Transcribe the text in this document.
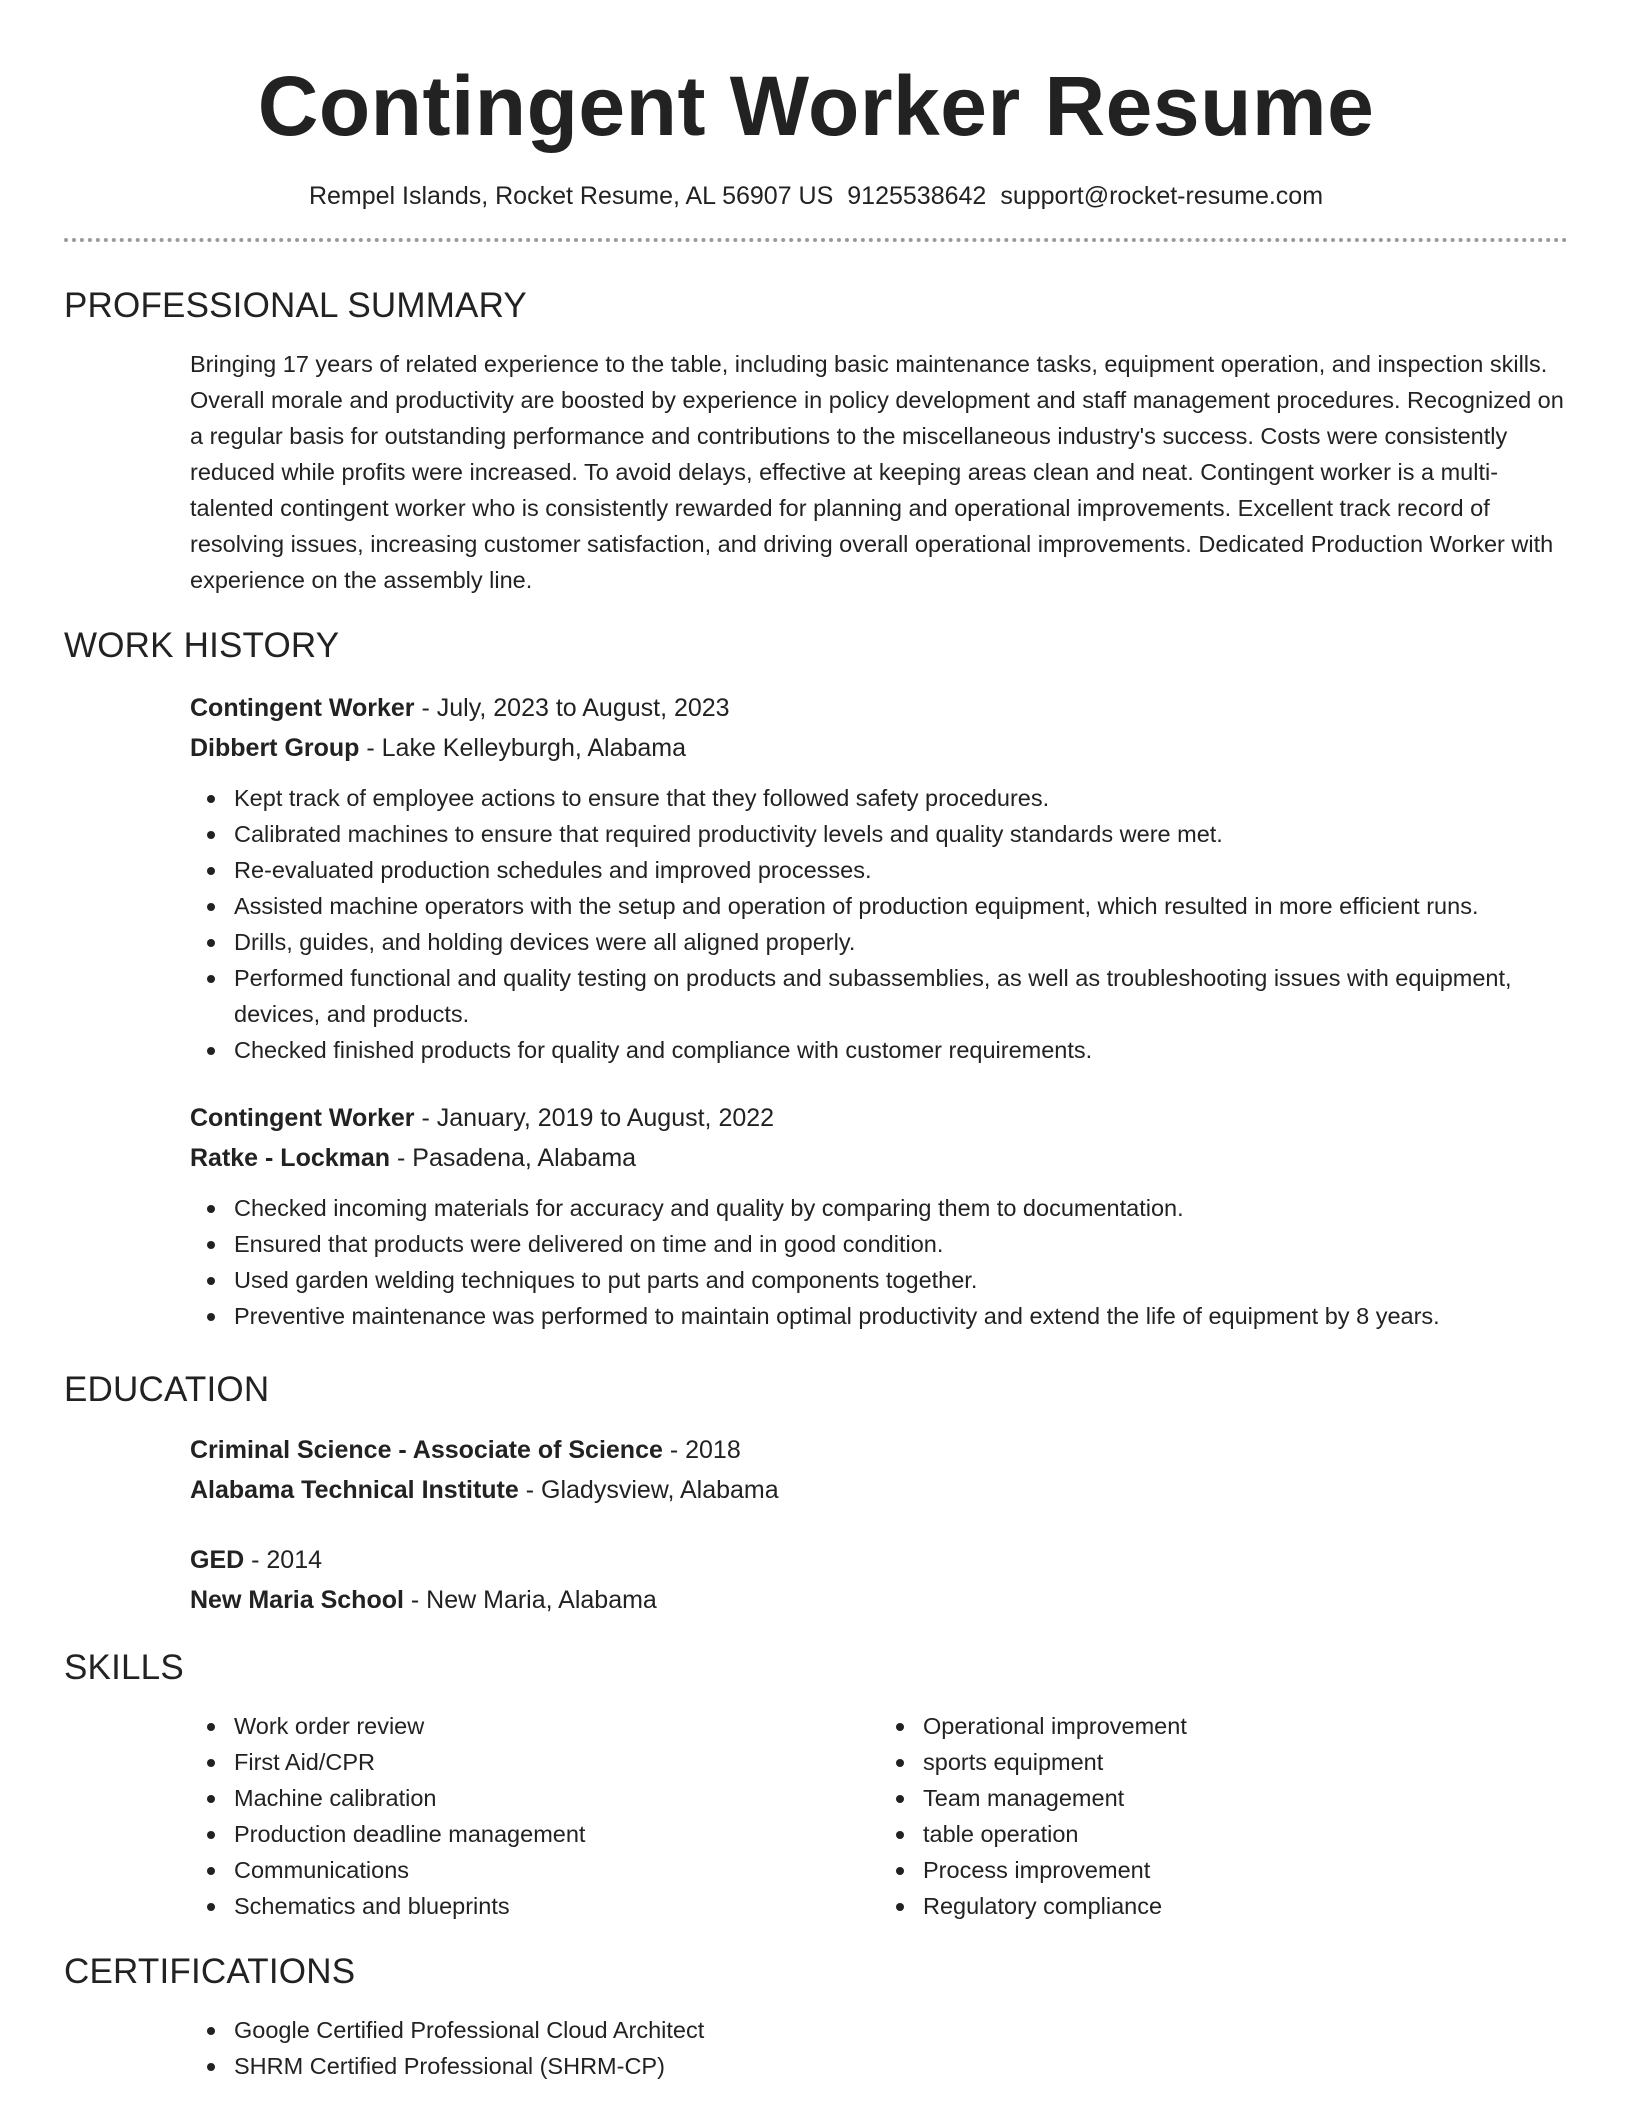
Contingent Worker Resume
Rempel Islands, Rocket Resume, AL 56907 US 9125538642 support@rocket-resume.com
PROFESSIONAL SUMMARY

Bringing 17 years of related experience to the table, including basic maintenance tasks, equipment operation, and inspection skills. Overall morale and productivity are boosted by experience in policy development and staff management procedures. Recognized on a regular basis for outstanding performance and contributions to the miscellaneous industry's success. Costs were consistently reduced while profits were increased. To avoid delays, effective at keeping areas clean and neat. Contingent worker is a multi-talented contingent worker who is consistently rewarded for planning and operational improvements. Excellent track record of resolving issues, increasing customer satisfaction, and driving overall operational improvements. Dedicated Production Worker with experience on the assembly line.

WORK HISTORY
Contingent Worker - July, 2023 to August, 2023
Dibbert Group - Lake Kelleyburgh, Alabama
Kept track of employee actions to ensure that they followed safety procedures.
Calibrated machines to ensure that required productivity levels and quality standards were met.
Re-evaluated production schedules and improved processes.
Assisted machine operators with the setup and operation of production equipment, which resulted in more efficient runs.
Drills, guides, and holding devices were all aligned properly.
Performed functional and quality testing on products and subassemblies, as well as troubleshooting issues with equipment, devices, and products.
Checked finished products for quality and compliance with customer requirements.
Contingent Worker - January, 2019 to August, 2022
Ratke - Lockman - Pasadena, Alabama
Checked incoming materials for accuracy and quality by comparing them to documentation.
Ensured that products were delivered on time and in good condition.
Used garden welding techniques to put parts and components together.
Preventive maintenance was performed to maintain optimal productivity and extend the life of equipment by 8 years.
EDUCATION
Criminal Science - Associate of Science - 2018
Alabama Technical Institute - Gladysview, Alabama
GED - 2014
New Maria School - New Maria, Alabama
SKILLS
Work order review
First Aid/CPR
Machine calibration
Production deadline management
Communications
Schematics and blueprints
Operational improvement
sports equipment
Team management
table operation
Process improvement
Regulatory compliance
CERTIFICATIONS
Google Certified Professional Cloud Architect
SHRM Certified Professional (SHRM-CP)
